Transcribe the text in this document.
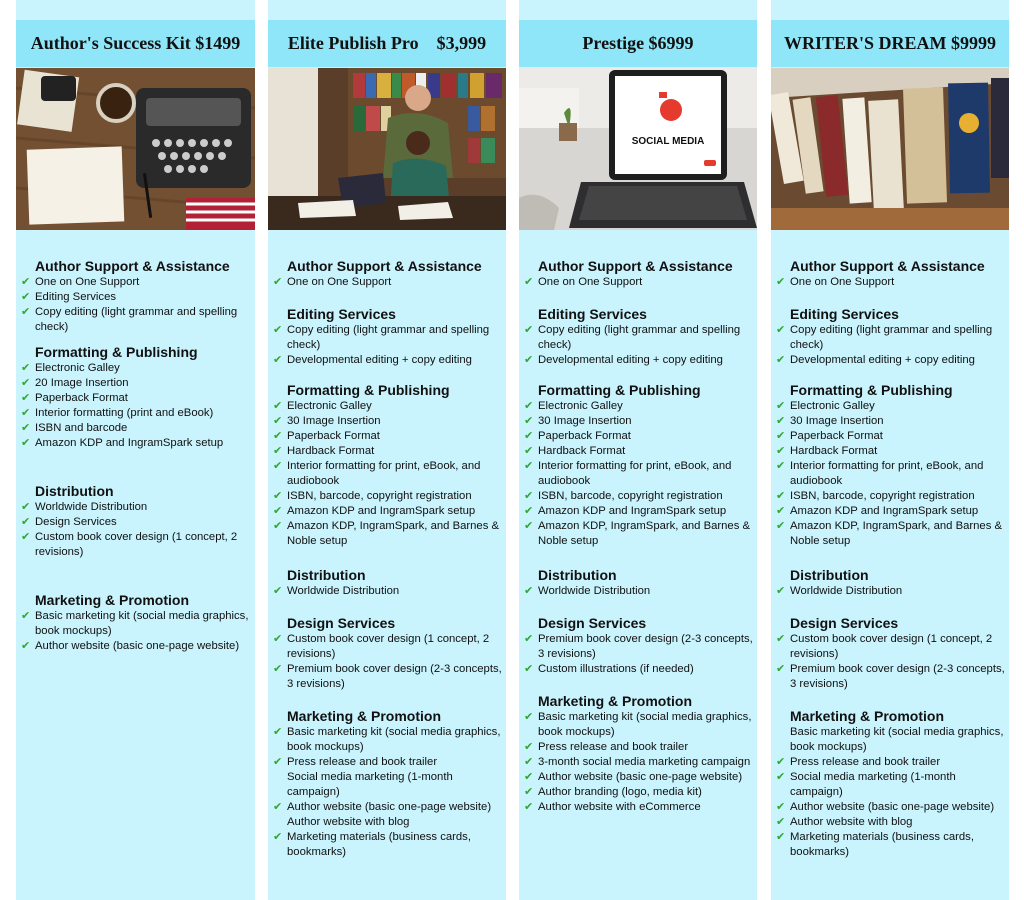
Author's Success Kit $1499
Author Support & Assistance
✔ One on One Support
✔ Editing Services
✔ Copy editing (light grammar and spelling check)
Formatting & Publishing
✔ Electronic Galley
✔ 20 Image Insertion
✔ Paperback Format
✔ Interior formatting (print and eBook)
✔ ISBN and barcode
✔ Amazon KDP and IngramSpark setup
Distribution
✔ Worldwide Distribution
✔ Design Services
✔ Custom book cover design (1 concept, 2 revisions)
Marketing & Promotion
✔ Basic marketing kit (social media graphics, book mockups)
✔ Author website (basic one-page website)
Elite Publish Pro    $3,999
Author Support & Assistance
✔ One on One Support
Editing Services
✔ Copy editing (light grammar and spelling check)
✔ Developmental editing + copy editing
Formatting & Publishing
✔ Electronic Galley
✔ 30 Image Insertion
✔ Paperback Format
✔ Hardback Format
✔ Interior formatting for print, eBook, and audiobook
✔ ISBN, barcode, copyright registration
✔ Amazon KDP and IngramSpark setup
✔ Amazon KDP, IngramSpark, and Barnes & Noble setup
Distribution
✔ Worldwide Distribution
Design Services
✔ Custom book cover design (1 concept, 2 revisions)
✔ Premium book cover design (2-3 concepts, 3 revisions)
Marketing & Promotion
✔ Basic marketing kit (social media graphics, book mockups)
✔ Press release and book trailer
Social media marketing (1-month campaign)
✔ Author website (basic one-page website)
Author website with blog
✔ Marketing materials (business cards, bookmarks)
Prestige $6999
SOCIAL MEDIA
Author Support & Assistance
✔ One on One Support
Editing Services
✔ Copy editing (light grammar and spelling check)
✔ Developmental editing + copy editing
Formatting & Publishing
✔ Electronic Galley
✔ 30 Image Insertion
✔ Paperback Format
✔ Hardback Format
✔ Interior formatting for print, eBook, and audiobook
✔ ISBN, barcode, copyright registration
✔ Amazon KDP and IngramSpark setup
✔ Amazon KDP, IngramSpark, and Barnes & Noble setup
Distribution
✔ Worldwide Distribution
Design Services
✔ Premium book cover design (2-3 concepts, 3 revisions)
✔ Custom illustrations (if needed)
Marketing & Promotion
✔ Basic marketing kit (social media graphics, book mockups)
✔ Press release and book trailer
✔ 3-month social media marketing campaign
✔ Author website (basic one-page website)
✔ Author branding (logo, media kit)
✔ Author website with eCommerce
WRITER'S DREAM $9999
Author Support & Assistance
✔ One on One Support
Editing Services
✔ Copy editing (light grammar and spelling check)
✔ Developmental editing + copy editing
Formatting & Publishing
✔ Electronic Galley
✔ 30 Image Insertion
✔ Paperback Format
✔ Hardback Format
✔ Interior formatting for print, eBook, and audiobook
✔ ISBN, barcode, copyright registration
✔ Amazon KDP and IngramSpark setup
✔ Amazon KDP, IngramSpark, and Barnes & Noble setup
Distribution
✔ Worldwide Distribution
Design Services
✔ Custom book cover design (1 concept, 2 revisions)
✔ Premium book cover design (2-3 concepts, 3 revisions)
Marketing & Promotion
Basic marketing kit (social media graphics, book mockups)
✔ Press release and book trailer
✔ Social media marketing (1-month campaign)
✔ Author website (basic one-page website)
✔ Author website with blog
✔ Marketing materials (business cards, bookmarks)
